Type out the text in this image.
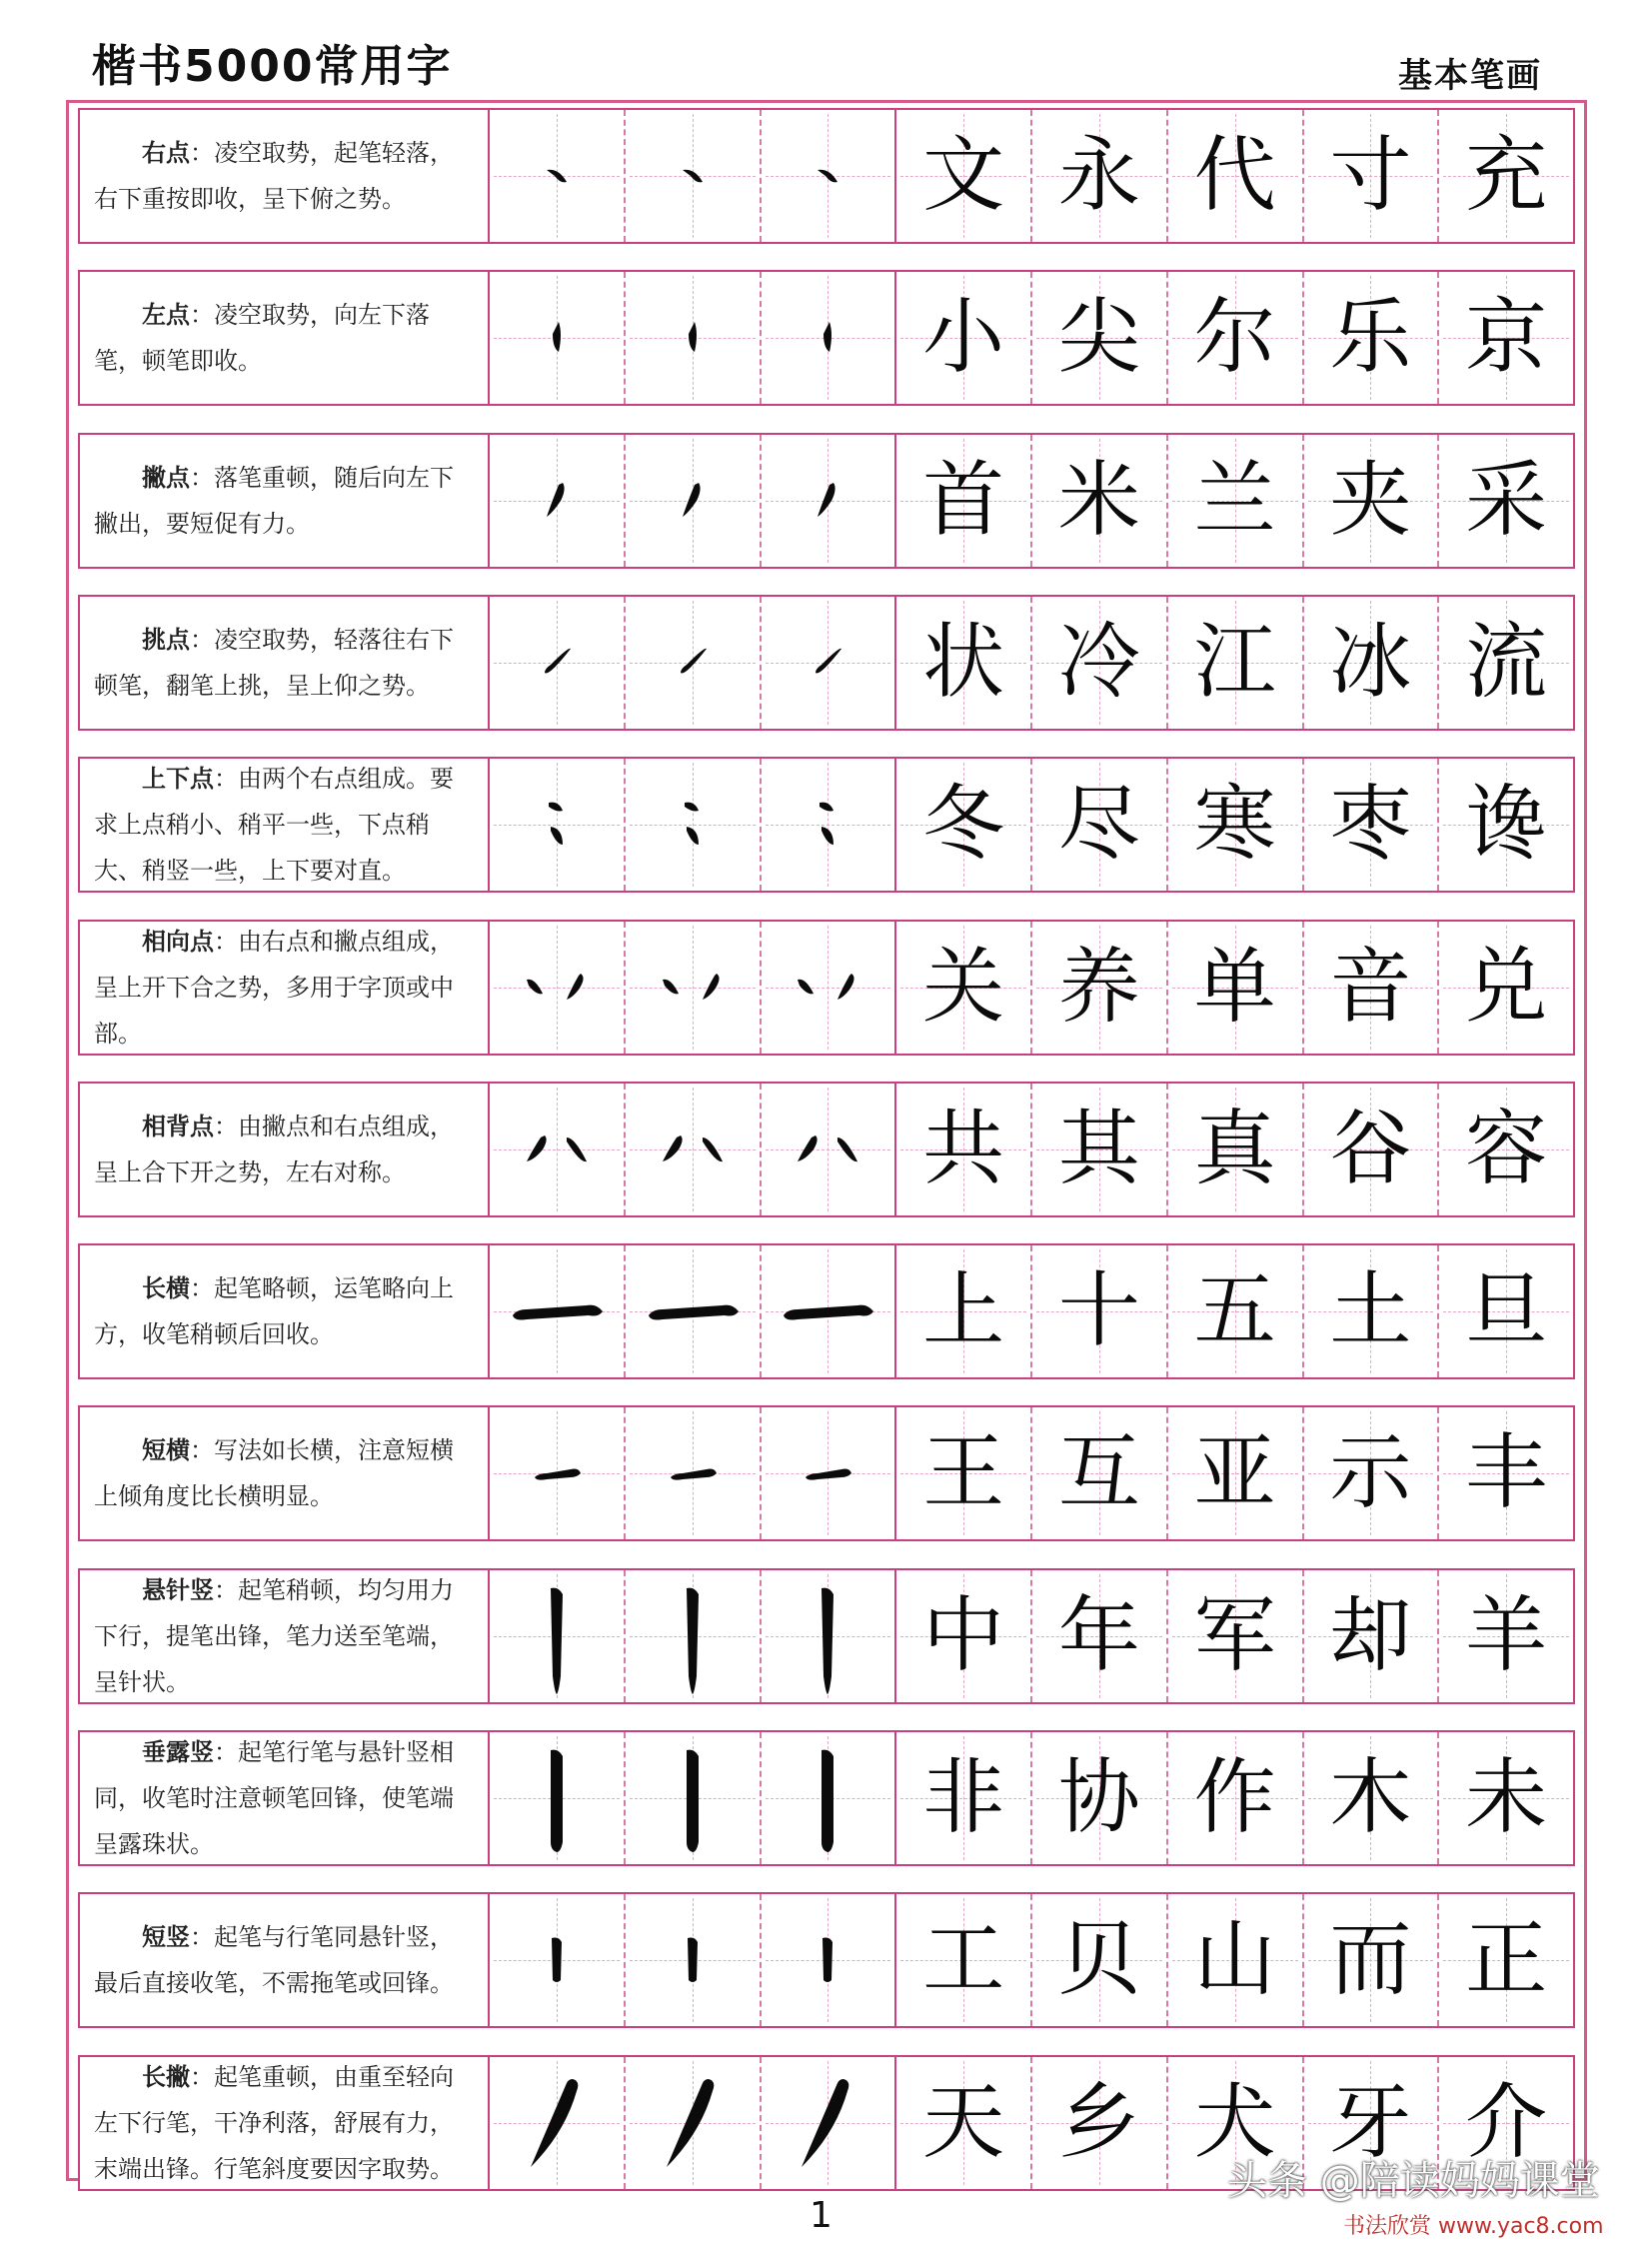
楷书5000常用字	基本笔画

右点：凌空取势，起笔轻落，右下重按即收，呈下俯之势。	文 永 代 寸 充

左点：凌空取势，向左下落笔，顿笔即收。	小 尖 尔 乐 京

撇点：落笔重顿，随后向左下撇出，要短促有力。	首 米 兰 夹 采

挑点：凌空取势，轻落往右下顿笔，翻笔上挑，呈上仰之势。	状 冷 江 冰 流

上下点：由两个右点组成。要求上点稍小、稍平一些，下点稍大、稍竖一些，上下要对直。	冬 尽 寒 枣 谗

相向点：由右点和撇点组成，呈上开下合之势，多用于字顶或中部。	关 养 单 音 兑

相背点：由撇点和右点组成，呈上合下开之势，左右对称。	共 其 真 谷 容

长横：起笔略顿，运笔略向上方，收笔稍顿后回收。	上 十 五 土 旦

短横：写法如长横，注意短横上倾角度比长横明显。	王 互 亚 示 丰

悬针竖：起笔稍顿，均匀用力下行，提笔出锋，笔力送至笔端，呈针状。	中 年 军 却 羊

垂露竖：起笔行笔与悬针竖相同，收笔时注意顿笔回锋，使笔端呈露珠状。	非 协 作 木 未

短竖：起笔与行笔同悬针竖，最后直接收笔，不需拖笔或回锋。	工 贝 山 而 正

长撇：起笔重顿，由重至轻向左下行笔，干净利落，舒展有力，末端出锋。行笔斜度要因字取势。	天 乡 犬 牙 介
1
头条 @陪读妈妈课堂
书法欣赏 www.yac8.com
